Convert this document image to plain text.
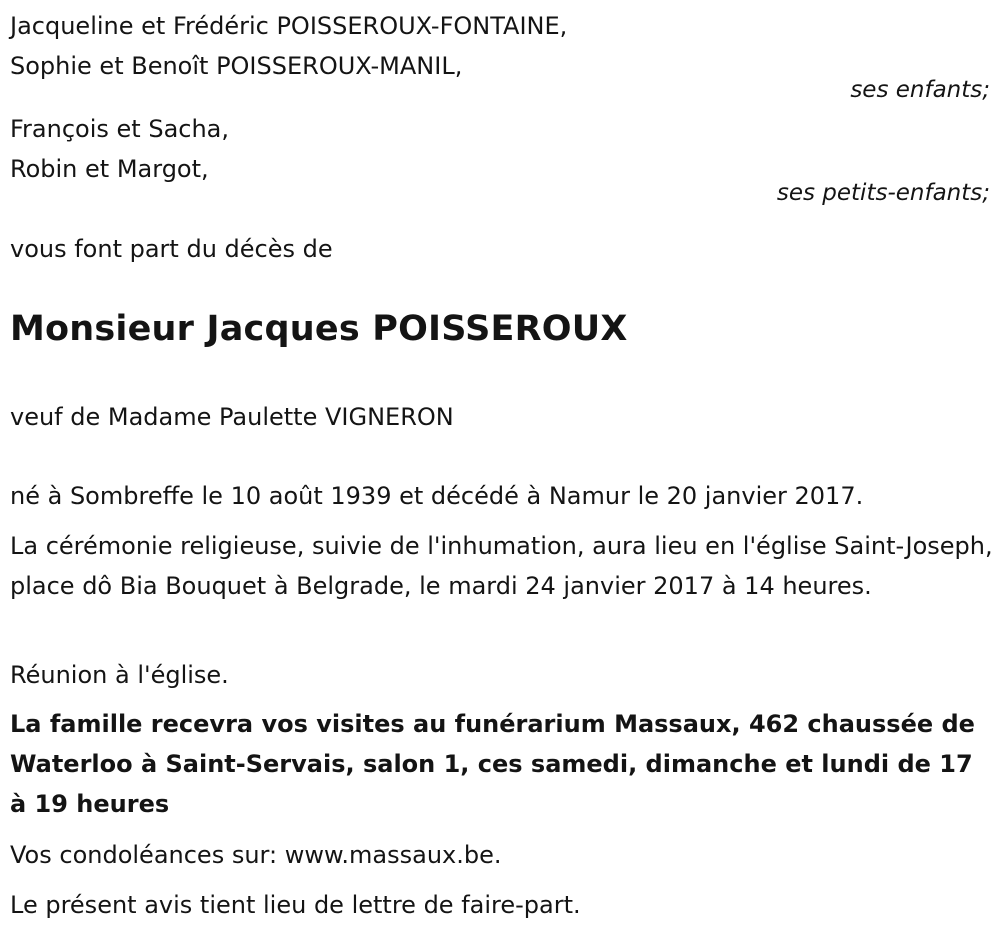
Jacqueline et Frédéric POISSEROUX-FONTAINE,

Sophie et Benoît POISSEROUX-MANIL,

ses enfants;

François et Sacha,

Robin et Margot,

ses petits-enfants;

vous font part du décès de

Monsieur Jacques POISSEROUX

veuf de Madame Paulette VIGNERON

né à Sombreffe le 10 août 1939 et décédé à Namur le 20 janvier 2017.

La cérémonie religieuse, suivie de l'inhumation, aura lieu en l'église Saint-Joseph, place dô Bia Bouquet à Belgrade, le mardi 24 janvier 2017 à 14 heures.

Réunion à l'église.

La famille recevra vos visites au funérarium Massaux, 462 chaussée de Waterloo à Saint-Servais, salon 1, ces samedi, dimanche et lundi de 17 à 19 heures

Vos condoléances sur: www.massaux.be.

Le présent avis tient lieu de lettre de faire-part.
